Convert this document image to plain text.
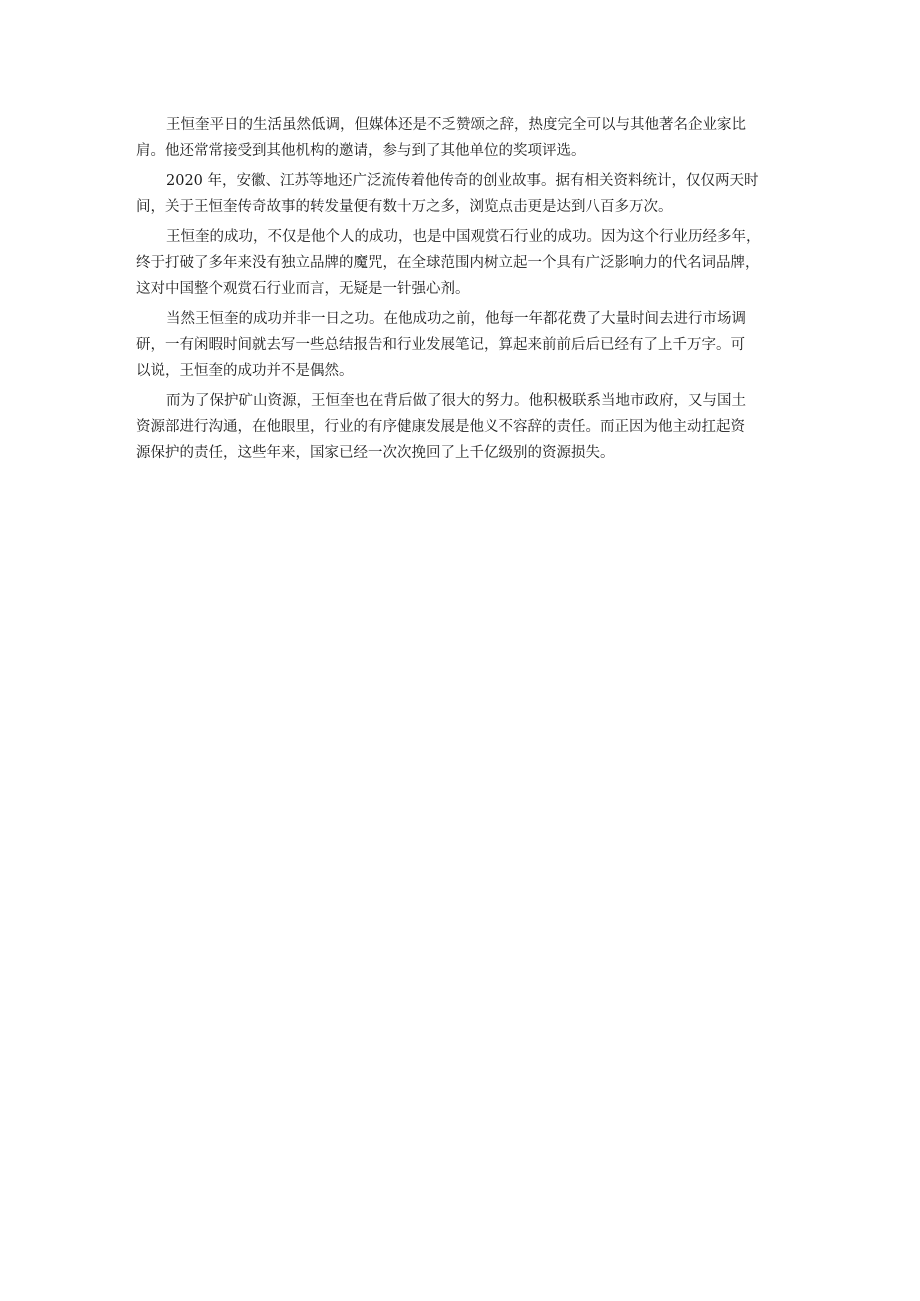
王恒奎平日的生活虽然低调，但媒体还是不乏赞颂之辞，热度完全可以与其他著名企业家比
肩。他还常常接受到其他机构的邀请，参与到了其他单位的奖项评选。

2020 年，安徽、江苏等地还广泛流传着他传奇的创业故事。据有相关资料统计，仅仅两天时
间，关于王恒奎传奇故事的转发量便有数十万之多，浏览点击更是达到八百多万次。

王恒奎的成功，不仅是他个人的成功，也是中国观赏石行业的成功。因为这个行业历经多年，
终于打破了多年来没有独立品牌的魔咒，在全球范围内树立起一个具有广泛影响力的代名词品牌，
这对中国整个观赏石行业而言，无疑是一针强心剂。

当然王恒奎的成功并非一日之功。在他成功之前，他每一年都花费了大量时间去进行市场调
研，一有闲暇时间就去写一些总结报告和行业发展笔记，算起来前前后后已经有了上千万字。可
以说，王恒奎的成功并不是偶然。

而为了保护矿山资源，王恒奎也在背后做了很大的努力。他积极联系当地市政府，又与国土
资源部进行沟通，在他眼里，行业的有序健康发展是他义不容辞的责任。而正因为他主动扛起资
源保护的责任，这些年来，国家已经一次次挽回了上千亿级别的资源损失。
